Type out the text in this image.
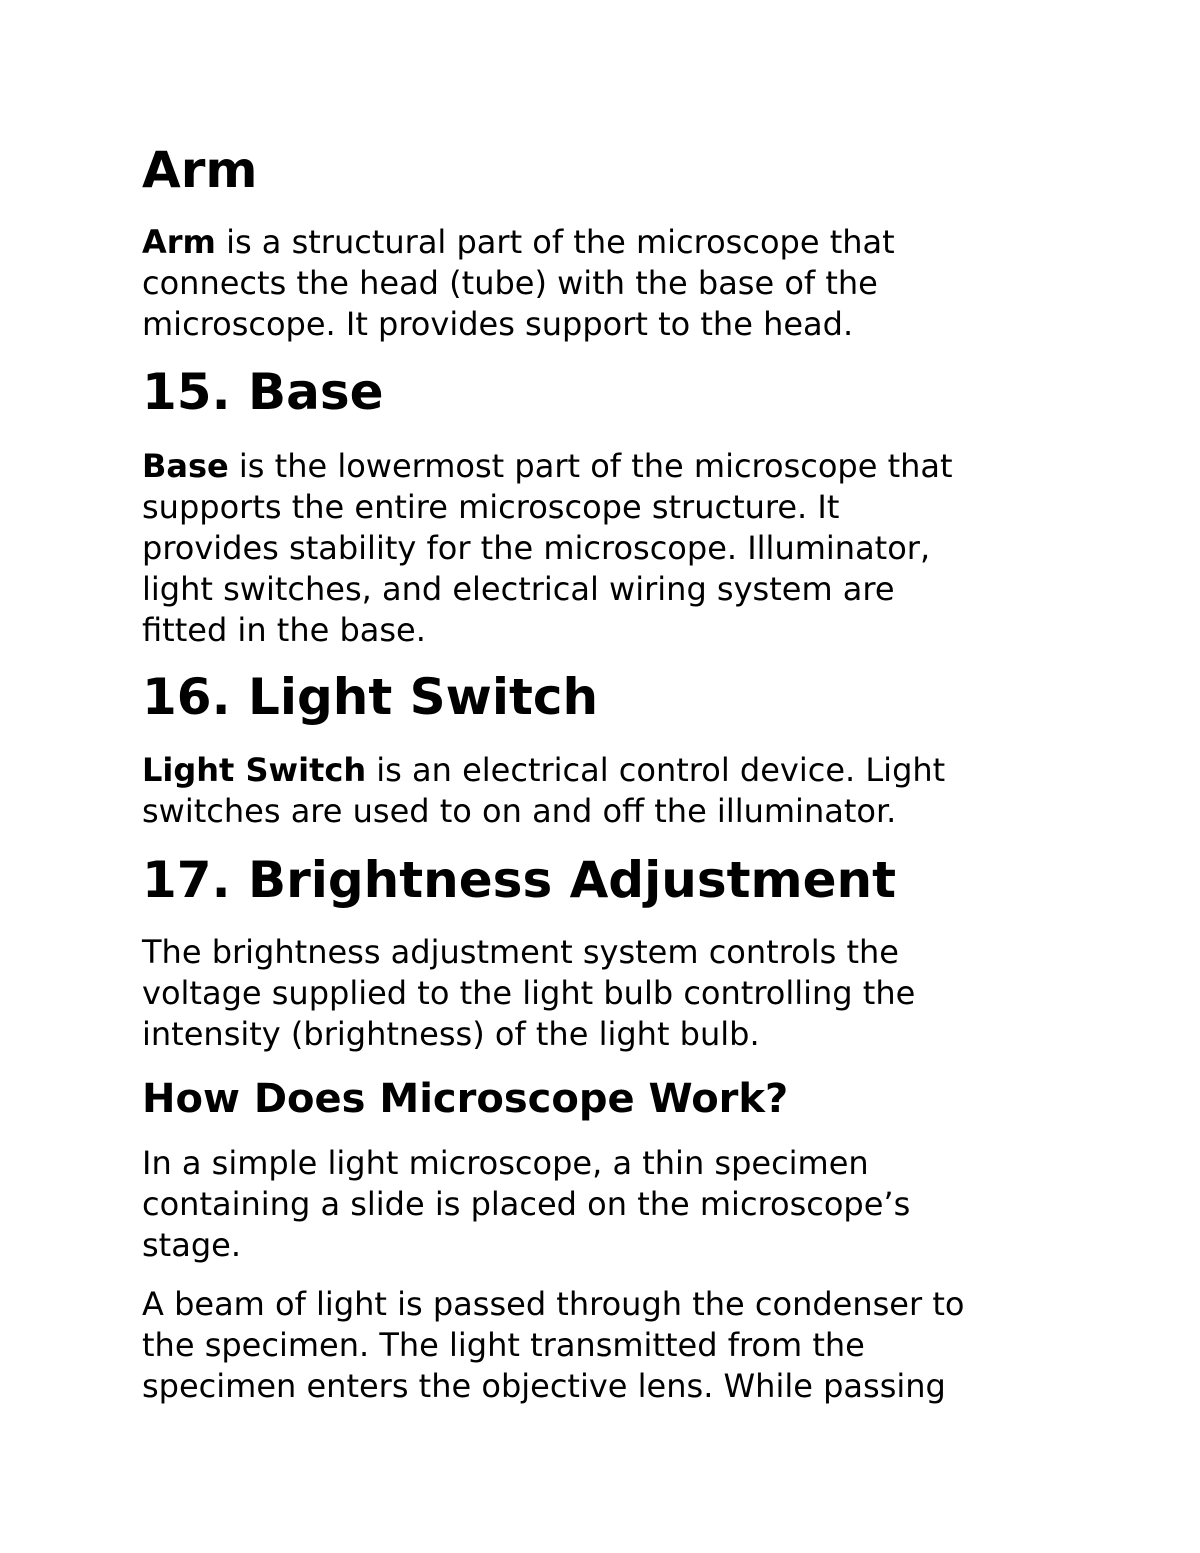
Arm
Arm is a structural part of the microscope that
connects the head (tube) with the base of the
microscope. It provides support to the head.
15. Base
Base is the lowermost part of the microscope that
supports the entire microscope structure. It
provides stability for the microscope. Illuminator,
light switches, and electrical wiring system are
fitted in the base.
16. Light Switch
Light Switch is an electrical control device. Light
switches are used to on and off the illuminator.
17. Brightness Adjustment
The brightness adjustment system controls the
voltage supplied to the light bulb controlling the
intensity (brightness) of the light bulb.
How Does Microscope Work?
In a simple light microscope, a thin specimen
containing a slide is placed on the microscope’s
stage.
A beam of light is passed through the condenser to
the specimen. The light transmitted from the
specimen enters the objective lens. While passing
